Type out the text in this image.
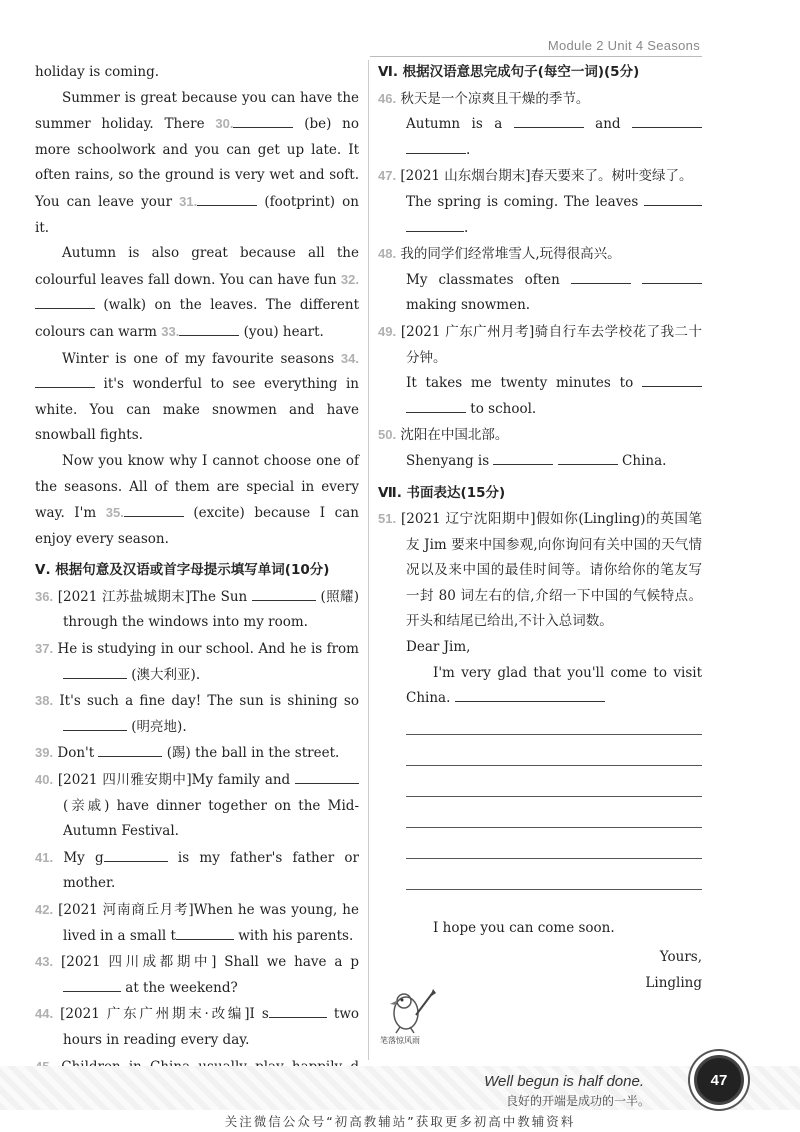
Module 2 Unit 4 Seasons

holiday is coming.

Summer is great because you can have the summer holiday. There 30.	(be) no more schoolwork and you can get up late. It often rains, so the ground is very wet and soft. You can leave your 31.	(footprint) on it.

Autumn is also great because all the colourful leaves fall down. You can have fun 32. (walk) on the leaves. The different colours can warm 33.	(you) heart.

Winter is one of my favourite seasons 34. it's wonderful to see everything in white. You can make snowmen and have snowball fights.

Now you know why I cannot choose one of the seasons. All of them are special in every way. I'm 35.	(excite) because I can enjoy every season.

Ⅴ. 根据句意及汉语或首字母提示填写单词(10分)

36. [2021 江苏盐城期末]The Sun	(照耀) through the windows into my room.

37. He is studying in our school. And he is from  (澳大利亚).

38. It's such a fine day! The sun is shining so  (明亮地).

39. Don't	(踢) the ball in the street.

40. [2021 四川雅安期中]My family and  (亲戚) have dinner together on the Mid-Autumn Festival.

41. My g	is my father's father or mother.

42. [2021 河南商丘月考]When he was young, he lived in a small t	with his parents.

43. [2021 四川成都期中] Shall we have a p at the weekend?

44. [2021 广东广州期末·改编]I s	two hours in reading every day.

Ⅵ. 根据汉语意思完成句子(每空一词)(5分)

46. 秋天是一个凉爽且干燥的季节。

Autumn is a	and  .

47. [2021 山东烟台期末]春天要来了。树叶变绿了。

The spring is coming. The leaves  .

48. 我的同学们经常堆雪人,玩得很高兴。

My classmates often   making snowmen.

49. [2021 广东广州月考]骑自行车去学校花了我二十分钟。

It takes me twenty minutes to   to school.

50. 沈阳在中国北部。

Shenyang is	China.

Ⅶ. 书面表达(15分)

51. [2021 辽宁沈阳期中]假如你(Lingling)的英国笔友 Jim 要来中国参观,向你询问有关中国的天气情况以及来中国的最佳时间等。请你给你的笔友写一封 80 词左右的信,介绍一下中国的气候特点。开头和结尾已给出,不计入总词数。

Dear Jim,

I'm very glad that you'll come to visit China.

I hope you can come soon.

Yours,

Lingling

笔落惊风雨
Well begun is half done.
良好的开端是成功的一半。
47
关注微信公众号“初高教辅站”获取更多初高中教辅资料
